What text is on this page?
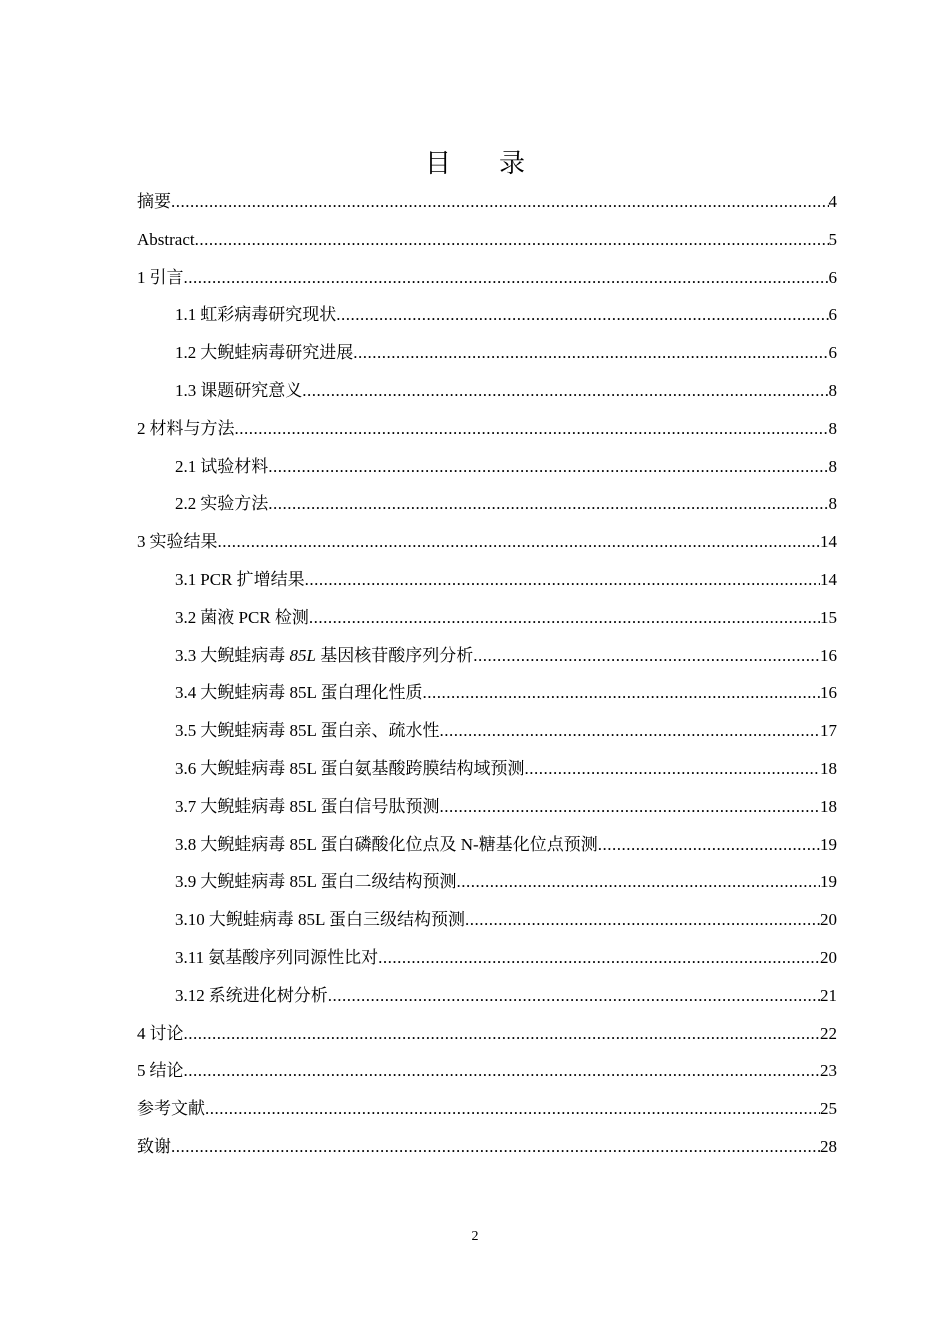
目录
摘要 .....	4
Abstract .....	5
1 引言 .....	6
1.1 虹彩病毒研究现状 .....	6
1.2 大鲵蛙病毒研究进展 .....	6
1.3 课题研究意义 .....	8
2 材料与方法 .....	8
2.1 试验材料 .....	8
2.2 实验方法 .....	8
3 实验结果 .....	14
3.1 PCR 扩增结果 .....	14
3.2 菌液 PCR 检测 .....	15
3.3 大鲵蛙病毒 85L 基因核苷酸序列分析 .....	16
3.4 大鲵蛙病毒 85L 蛋白理化性质 .....	16
3.5 大鲵蛙病毒 85L 蛋白亲、疏水性 .....	17
3.6 大鲵蛙病毒 85L 蛋白氨基酸跨膜结构域预测 .....	18
3.7 大鲵蛙病毒 85L 蛋白信号肽预测 .....	18
3.8 大鲵蛙病毒 85L 蛋白磷酸化位点及 N-糖基化位点预测 .....	19
3.9 大鲵蛙病毒 85L 蛋白二级结构预测 .....	19
3.10 大鲵蛙病毒 85L 蛋白三级结构预测 .....	20
3.11 氨基酸序列同源性比对 .....	20
3.12 系统进化树分析 .....	21
4 讨论 .....	22
5 结论 .....	23
参考文献 .....	25
致谢 .....	28
2
